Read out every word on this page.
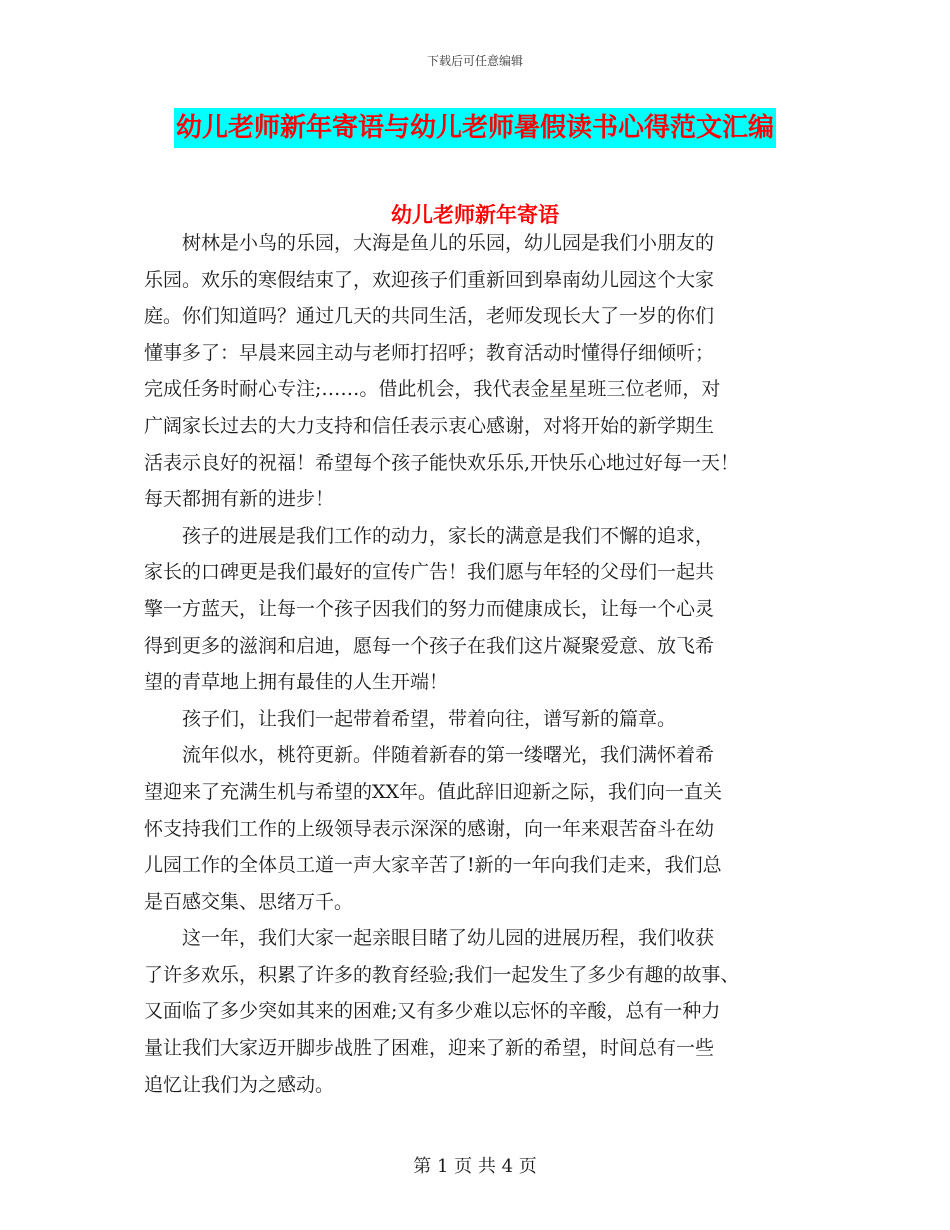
下载后可任意编辑
幼儿老师新年寄语与幼儿老师暑假读书心得范文汇编
幼儿老师新年寄语
　　树林是小鸟的乐园，大海是鱼儿的乐园，幼儿园是我们小朋友的
乐园。欢乐的寒假结束了，欢迎孩子们重新回到皋南幼儿园这个大家
庭。你们知道吗？通过几天的共同生活，老师发现长大了一岁的你们
懂事多了：早晨来园主动与老师打招呼；教育活动时懂得仔细倾听；
完成任务时耐心专注;……。借此机会，我代表金星星班三位老师，对
广阔家长过去的大力支持和信任表示衷心感谢，对将开始的新学期生
活表示良好的祝福！希望每个孩子能快欢乐乐,开快乐心地过好每一天！
每天都拥有新的进步！
　　孩子的进展是我们工作的动力，家长的满意是我们不懈的追求，
家长的口碑更是我们最好的宣传广告！我们愿与年轻的父母们一起共
擎一方蓝天，让每一个孩子因我们的努力而健康成长，让每一个心灵
得到更多的滋润和启迪，愿每一个孩子在我们这片凝聚爱意、放飞希
望的青草地上拥有最佳的人生开端！
　　孩子们，让我们一起带着希望，带着向往，谱写新的篇章。
　　流年似水，桃符更新。伴随着新春的第一缕曙光，我们满怀着希
望迎来了充满生机与希望的XX年。值此辞旧迎新之际，我们向一直关
怀支持我们工作的上级领导表示深深的感谢，向一年来艰苦奋斗在幼
儿园工作的全体员工道一声大家辛苦了!新的一年向我们走来，我们总
是百感交集、思绪万千。
　　这一年，我们大家一起亲眼目睹了幼儿园的进展历程，我们收获
了许多欢乐，积累了许多的教育经验;我们一起发生了多少有趣的故事、
又面临了多少突如其来的困难;又有多少难以忘怀的辛酸，总有一种力
量让我们大家迈开脚步战胜了困难，迎来了新的希望，时间总有一些
追忆让我们为之感动。
第 1 页 共 4 页
